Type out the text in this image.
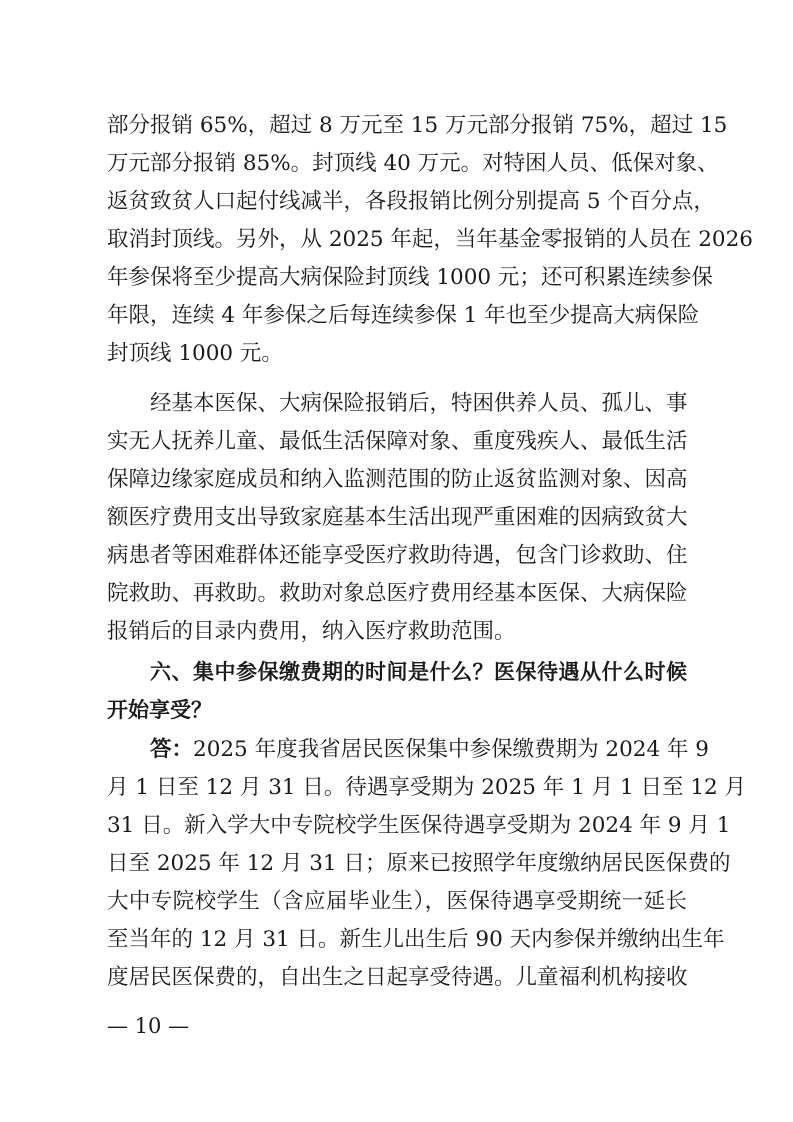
部分报销 65%，超过 8 万元至 15 万元部分报销 75%，超过 15
万元部分报销 85%。封顶线 40 万元。对特困人员、低保对象、
返贫致贫人口起付线减半，各段报销比例分别提高 5 个百分点，
取消封顶线。另外，从 2025 年起，当年基金零报销的人员在 2026
年参保将至少提高大病保险封顶线 1000 元；还可积累连续参保
年限，连续 4 年参保之后每连续参保 1 年也至少提高大病保险
封顶线 1000 元。
经基本医保、大病保险报销后，特困供养人员、孤儿、事
实无人抚养儿童、最低生活保障对象、重度残疾人、最低生活
保障边缘家庭成员和纳入监测范围的防止返贫监测对象、因高
额医疗费用支出导致家庭基本生活出现严重困难的因病致贫大
病患者等困难群体还能享受医疗救助待遇，包含门诊救助、住
院救助、再救助。救助对象总医疗费用经基本医保、大病保险
报销后的目录内费用，纳入医疗救助范围。
六、集中参保缴费期的时间是什么？医保待遇从什么时候
开始享受？
答：2025 年度我省居民医保集中参保缴费期为 2024 年 9
月 1 日至 12 月 31 日。待遇享受期为 2025 年 1 月 1 日至 12 月
31 日。新入学大中专院校学生医保待遇享受期为 2024 年 9 月 1
日至 2025 年 12 月 31 日；原来已按照学年度缴纳居民医保费的
大中专院校学生（含应届毕业生），医保待遇享受期统一延长
至当年的 12 月 31 日。新生儿出生后 90 天内参保并缴纳出生年
度居民医保费的，自出生之日起享受待遇。儿童福利机构接收
— 10 —
